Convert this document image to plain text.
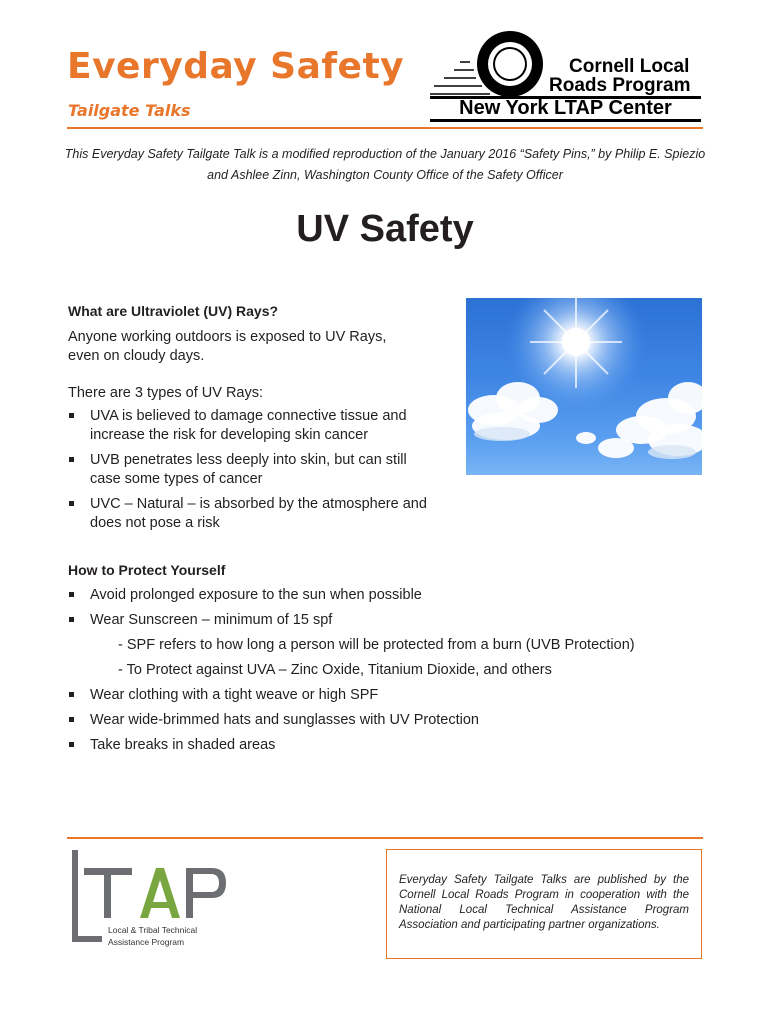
Everyday Safety
Tailgate Talks
Cornell Local
Roads Program
New York LTAP Center
This Everyday Safety Tailgate Talk is a modified reproduction of the January 2016 “Safety Pins,” by Philip E. Spiezio and Ashlee Zinn, Washington County Office of the Safety Officer
UV Safety
What are Ultraviolet (UV) Rays?
Anyone working outdoors is exposed to UV Rays, even on cloudy days.
There are 3 types of UV Rays:
UVA is believed to damage connective tissue and increase the risk for developing skin cancer
UVB penetrates less deeply into skin, but can still case some types of cancer
UVC – Natural – is absorbed by the atmosphere and does not pose a risk
How to Protect Yourself
Avoid prolonged exposure to the sun when possible
Wear Sunscreen – minimum of 15 spf
- SPF refers to how long a person will be protected from a burn (UVB Protection)
- To Protect against UVA – Zinc Oxide, Titanium Dioxide, and others
Wear clothing with a tight weave or high SPF
Wear wide-brimmed hats and sunglasses with UV Protection
Take breaks in shaded areas
Local & Tribal Technical
Assistance Program
Everyday Safety Tailgate Talks are published by the Cornell Local Roads Program in cooperation with the National Local Technical Assistance Program Association and participating partner organizations.
